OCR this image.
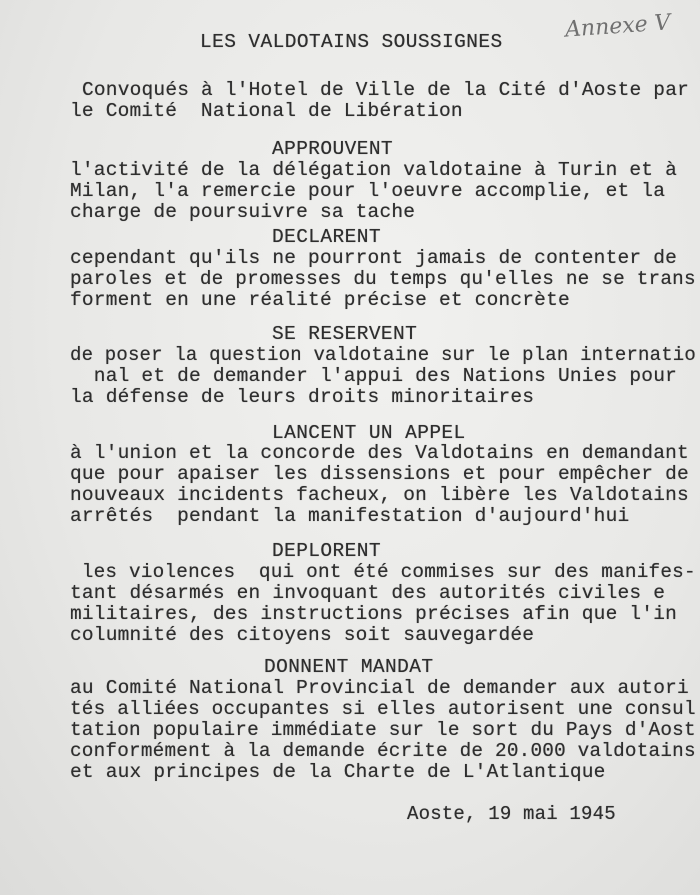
Annexe V
LES VALDOTAINS SOUSSIGNES
Convoqués à l'Hotel de Ville de la Cité d'Aoste par
le Comité  National de Libération
APPROUVENT
l'activité de la délégation valdotaine à Turin et à
Milan, l'a remercie pour l'oeuvre accomplie, et la
charge de poursuivre sa tache
DECLARENT
cependant qu'ils ne pourront jamais de contenter de
paroles et de promesses du temps qu'elles ne se trans
forment en une réalité précise et concrète
SE RESERVENT
de poser la question valdotaine sur le plan internatio
nal et de demander l'appui des Nations Unies pour
la défense de leurs droits minoritaires
LANCENT UN APPEL
à l'union et la concorde des Valdotains en demandant
que pour apaiser les dissensions et pour empêcher de
nouveaux incidents facheux, on libère les Valdotains
arrêtés  pendant la manifestation d'aujourd'hui
DEPLORENT
les violences  qui ont été commises sur des manifes-
tant désarmés en invoquant des autorités civiles e
militaires, des instructions précises afin que l'in
columnité des citoyens soit sauvegardée
DONNENT MANDAT
au Comité National Provincial de demander aux autori
tés alliées occupantes si elles autorisent une consul
tation populaire immédiate sur le sort du Pays d'Aost
conformément à la demande écrite de 20.000 valdotains
et aux principes de la Charte de L'Atlantique
Aoste, 19 mai 1945
